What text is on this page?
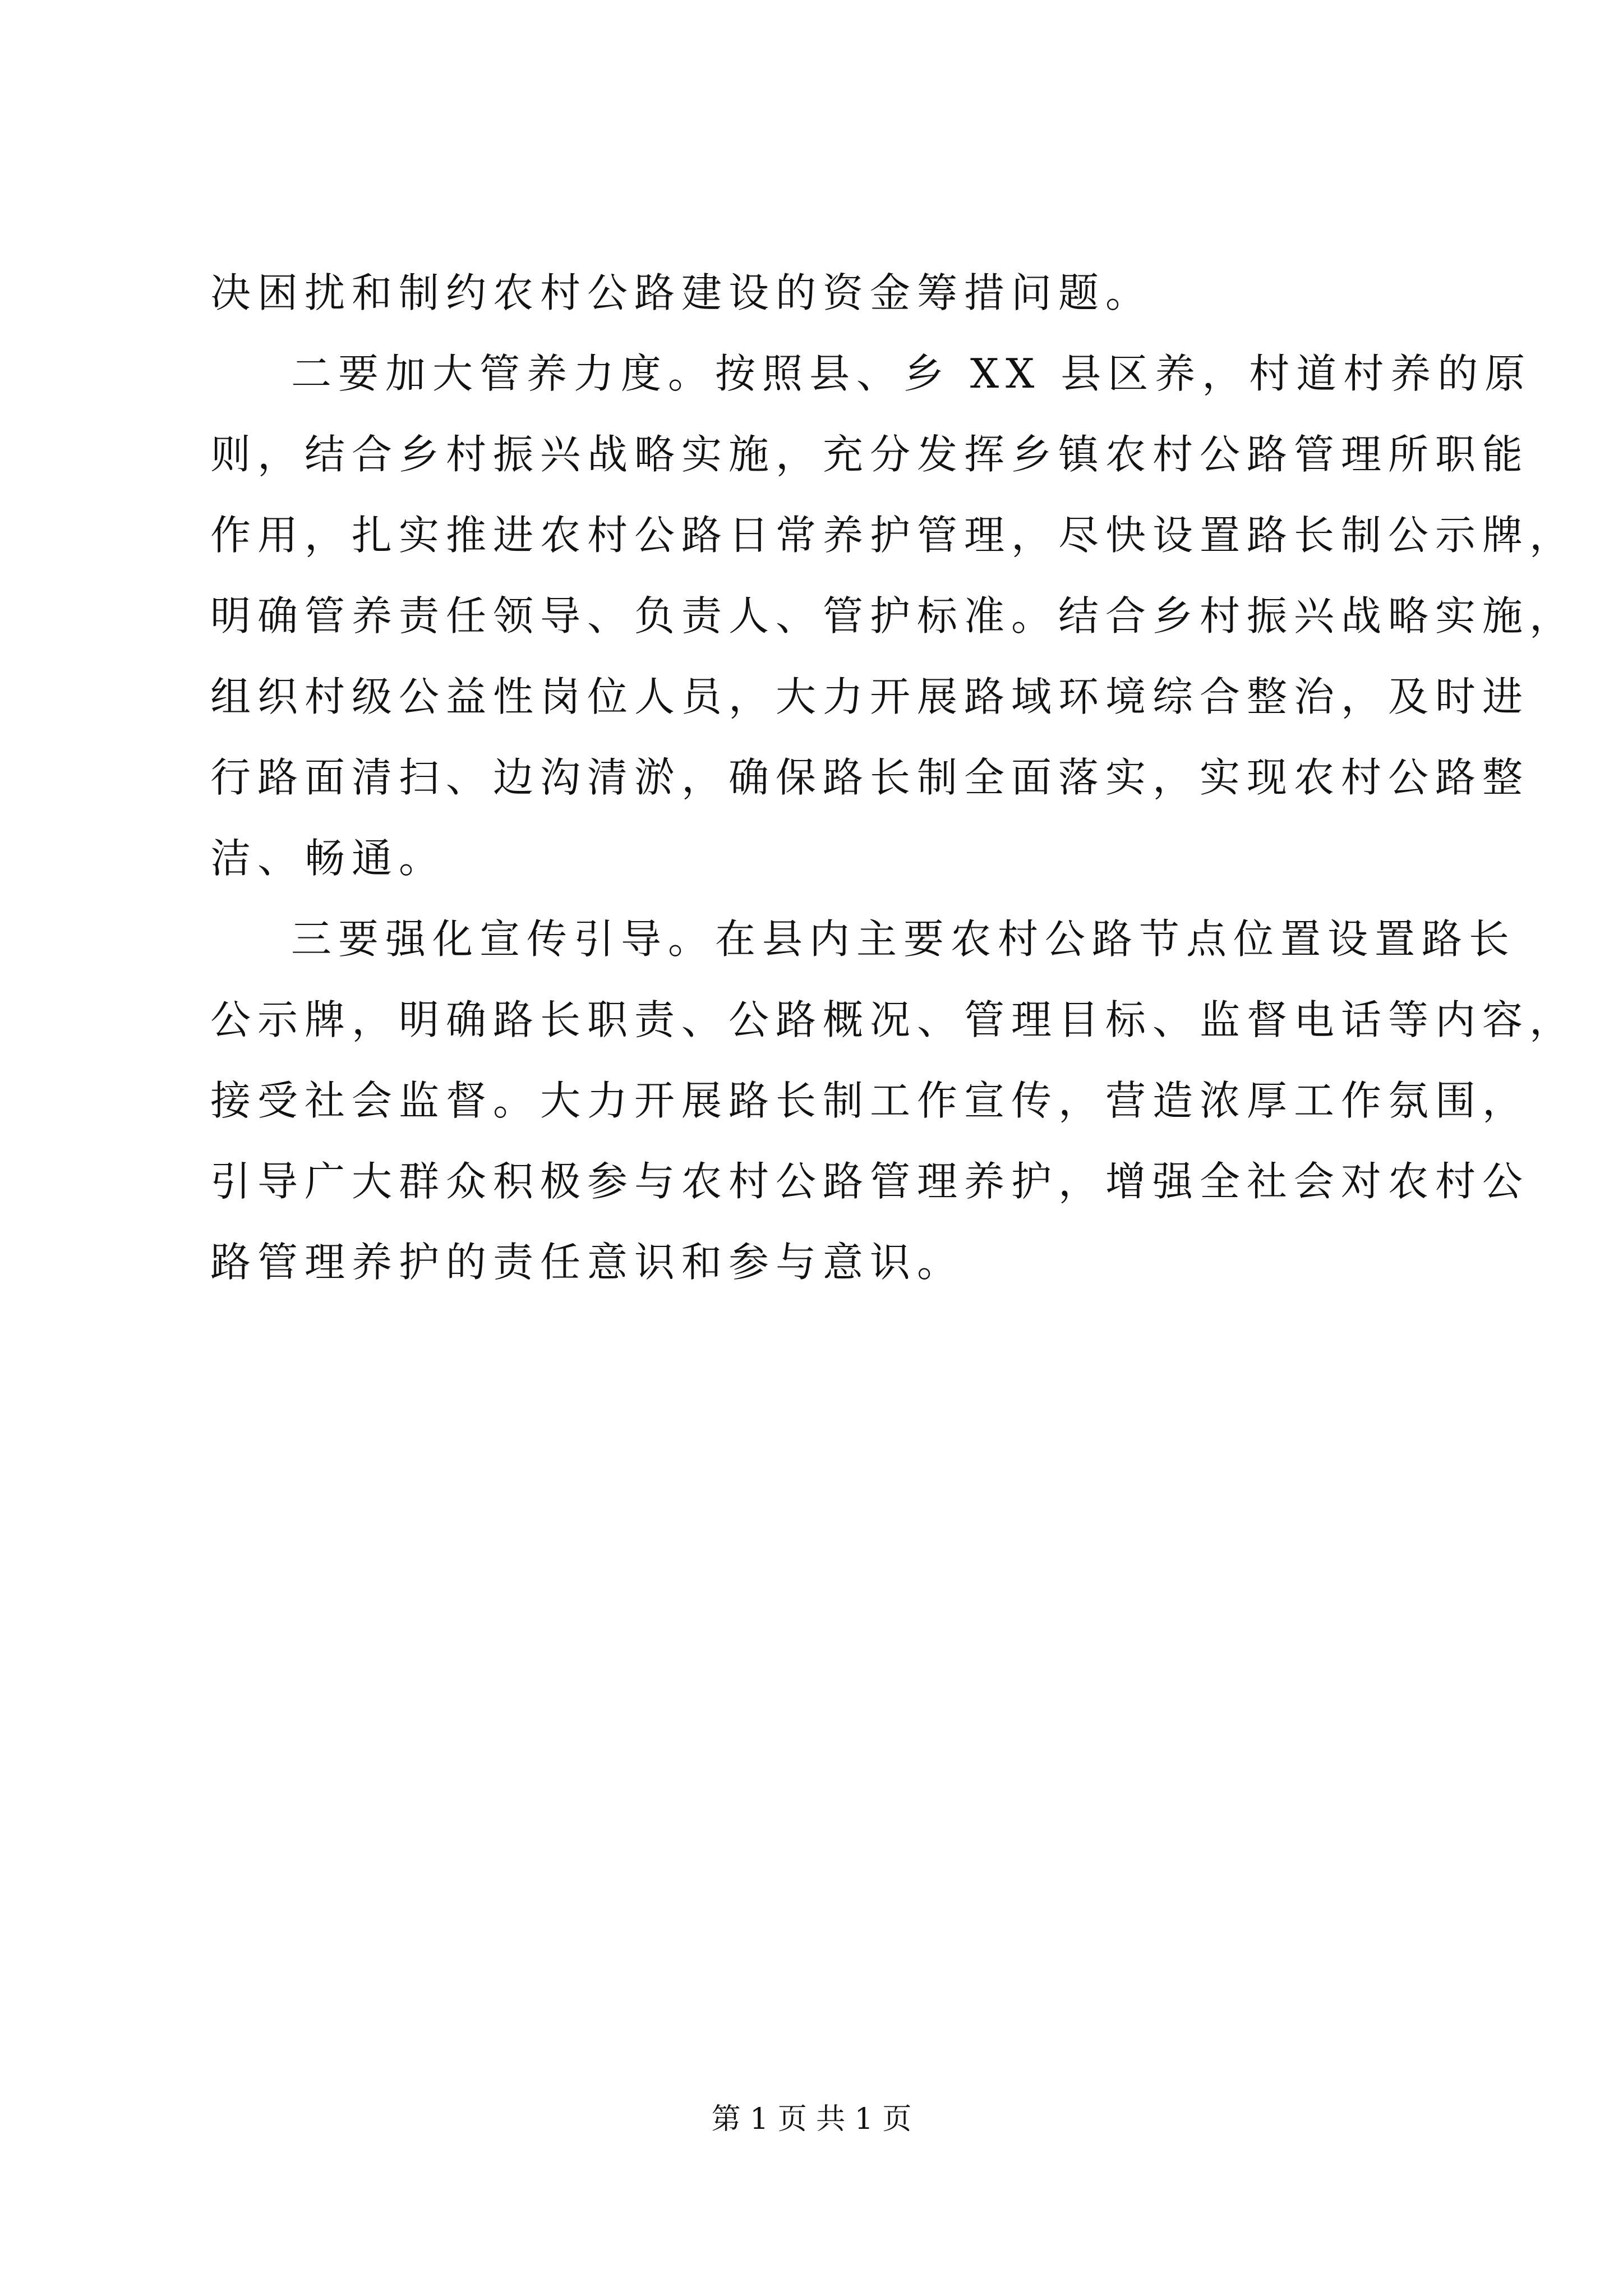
决困扰和制约农村公路建设的资金筹措问题。
二要加大管养力度。按照县、乡 XX 县区养，村道村养的原
则，结合乡村振兴战略实施，充分发挥乡镇农村公路管理所职能
作用，扎实推进农村公路日常养护管理，尽快设置路长制公示牌，
明确管养责任领导、负责人、管护标准。结合乡村振兴战略实施，
组织村级公益性岗位人员，大力开展路域环境综合整治，及时进
行路面清扫、边沟清淤，确保路长制全面落实，实现农村公路整
洁、畅通。
三要强化宣传引导。在县内主要农村公路节点位置设置路长
公示牌，明确路长职责、公路概况、管理目标、监督电话等内容，
接受社会监督。大力开展路长制工作宣传，营造浓厚工作氛围，
引导广大群众积极参与农村公路管理养护，增强全社会对农村公
路管理养护的责任意识和参与意识。
第 1 页 共 1 页
